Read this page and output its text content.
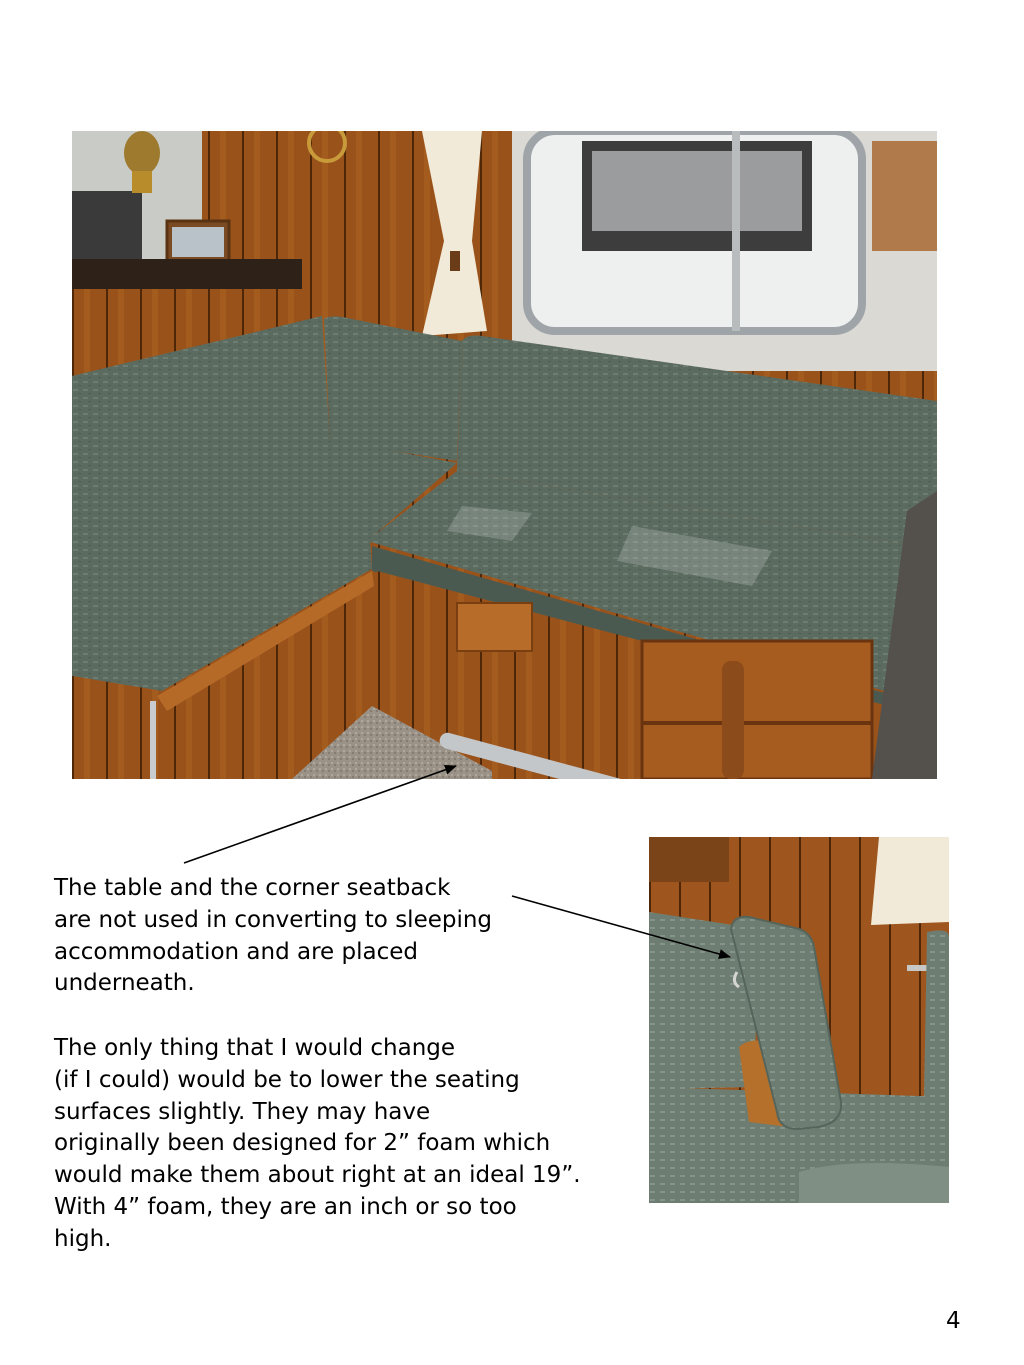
The table and the corner seatback
are not used in converting to sleeping
accommodation and are placed
underneath.

The only thing that I would change
(if I could) would be to lower the seating
surfaces slightly. They may have
originally been designed for 2” foam which
would make them about right at an ideal 19”.
With 4” foam, they are an inch or so too
high.

4
